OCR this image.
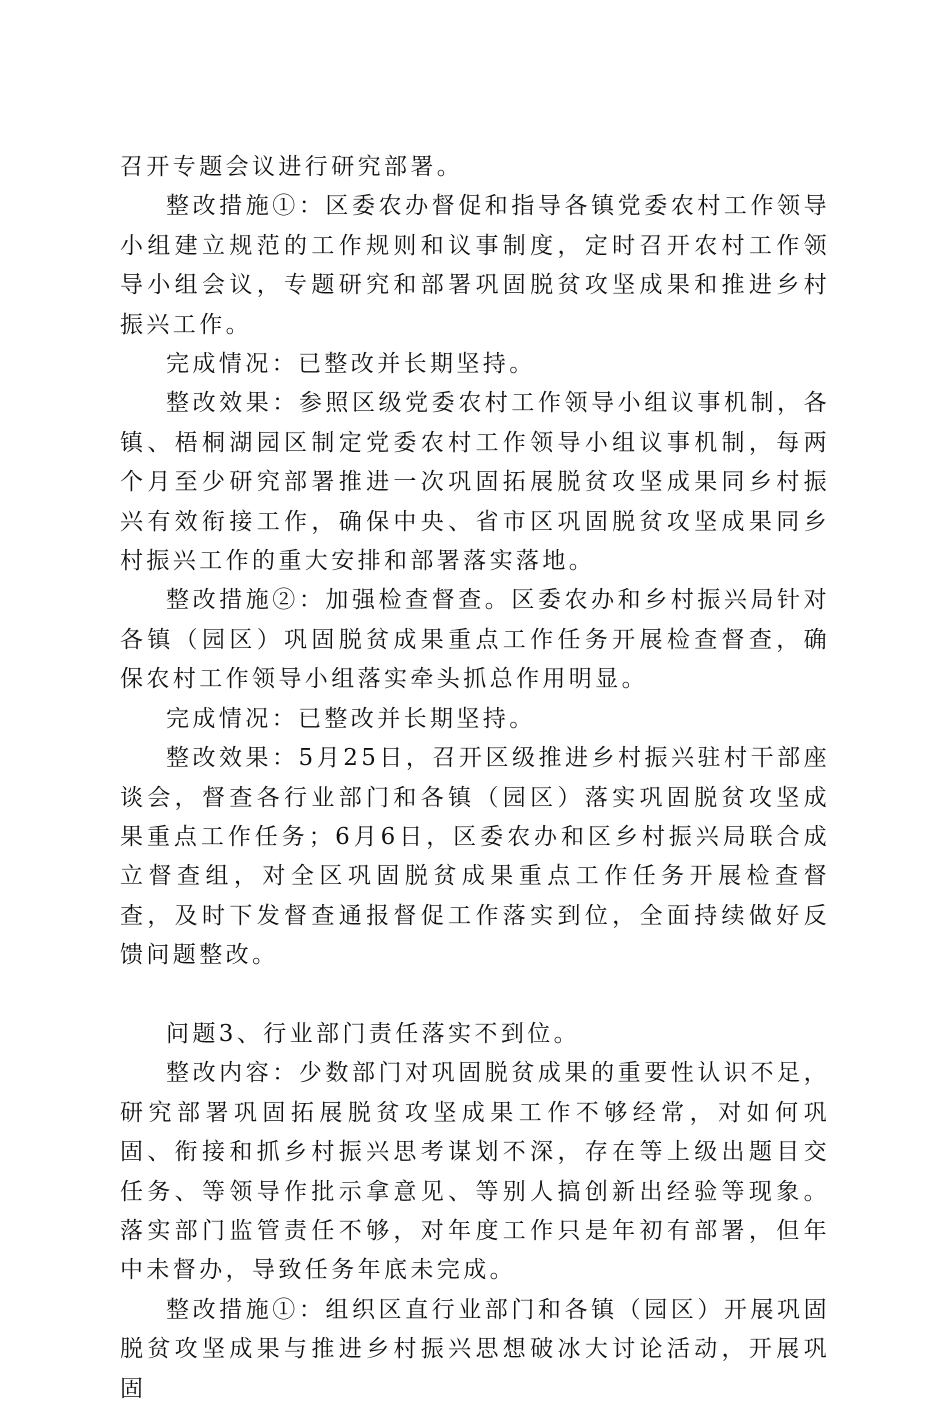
召开专题会议进行研究部署。

整改措施①：区委农办督促和指导各镇党委农村工作领导小组建立规范的工作规则和议事制度，定时召开农村工作领导小组会议，专题研究和部署巩固脱贫攻坚成果和推进乡村振兴工作。

完成情况：已整改并长期坚持。

整改效果：参照区级党委农村工作领导小组议事机制，各镇、梧桐湖园区制定党委农村工作领导小组议事机制，每两个月至少研究部署推进一次巩固拓展脱贫攻坚成果同乡村振兴有效衔接工作，确保中央、省市区巩固脱贫攻坚成果同乡村振兴工作的重大安排和部署落实落地。

整改措施②：加强检查督查。区委农办和乡村振兴局针对各镇（园区）巩固脱贫成果重点工作任务开展检查督查，确保农村工作领导小组落实牵头抓总作用明显。

完成情况：已整改并长期坚持。

整改效果：5月25日，召开区级推进乡村振兴驻村干部座谈会，督查各行业部门和各镇（园区）落实巩固脱贫攻坚成果重点工作任务；6月6日，区委农办和区乡村振兴局联合成立督查组，对全区巩固脱贫成果重点工作任务开展检查督查，及时下发督查通报督促工作落实到位，全面持续做好反馈问题整改。

问题3、行业部门责任落实不到位。

整改内容：少数部门对巩固脱贫成果的重要性认识不足，研究部署巩固拓展脱贫攻坚成果工作不够经常，对如何巩固、衔接和抓乡村振兴思考谋划不深，存在等上级出题目交任务、等领导作批示拿意见、等别人搞创新出经验等现象。落实部门监管责任不够，对年度工作只是年初有部署，但年中未督办，导致任务年底未完成。

整改措施①：组织区直行业部门和各镇（园区）开展巩固脱贫攻坚成果与推进乡村振兴思想破冰大讨论活动，开展巩固
